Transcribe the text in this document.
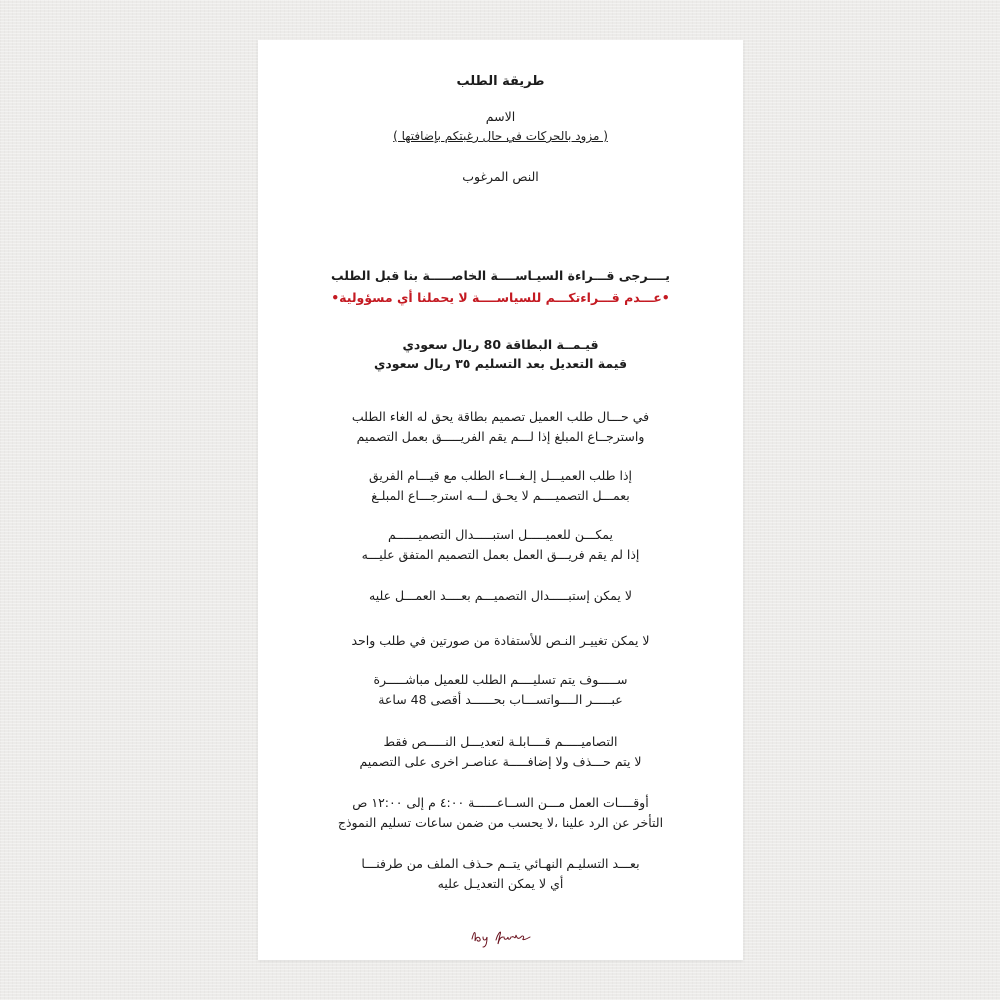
طريقة الطلب
الاسم
( مزود بالحركات في حال رغبتكم بإضافتها )
النص المرغوب
يــــرجى قـــراءة السيـاســــة الخاصـــــة بنا قبل الطلب
•عـــدم قـــراءتكـــم للسياســــة لا يحملنا أي مسؤولية•
قيـمــة البطاقة 80 ريال سعودي
قيمة التعديل بعد التسليم ٣٥ ريال سعودي
في حـــال طلب العميل تصميم بطاقة يحق له الغاء الطلب
واسترجــاع المبلغ إذا لـــم يقم الفريـــــق بعمل التصميم
إذا طلب العميـــل إلـغـــاء الطلب مع قيـــام الفريق
بعمـــل التصميــــم لا يحـق لـــه استرجـــاع المبلـغ
يمكـــن للعميـــــل استبـــــدال التصميــــــم
إذا لم يقم فريـــق العمل بعمل التصميم المتفق عليـــه
لا يمكن إستبـــــدال التصميـــم بعــــد العمـــل عليه
لا يمكن تغييـر النـص للأستفادة من صورتين في طلب واحد
ســـــوف يتم تسليــــم الطلب للعميل مباشـــــرة
عبـــــر الــــواتســـاب بحــــــد أقصى 48 ساعة
التصاميـــــم قــــابلـة لتعديـــل النـــــص فقط
لا يتم حـــذف ولا إضافـــــة عناصـر اخرى على التصميم
أوقــــات العمل مـــن الســاعــــــة ٤:٠٠ م إلى ١٢:٠٠ ص
التأخر عن الرد علينا ،لا يحسب من ضمن ساعات تسليم النموذج
بعـــد التسليـم النهـائي يتــم حـذف الملف من طرفنـــا
أي لا يمكن التعديـل عليه
